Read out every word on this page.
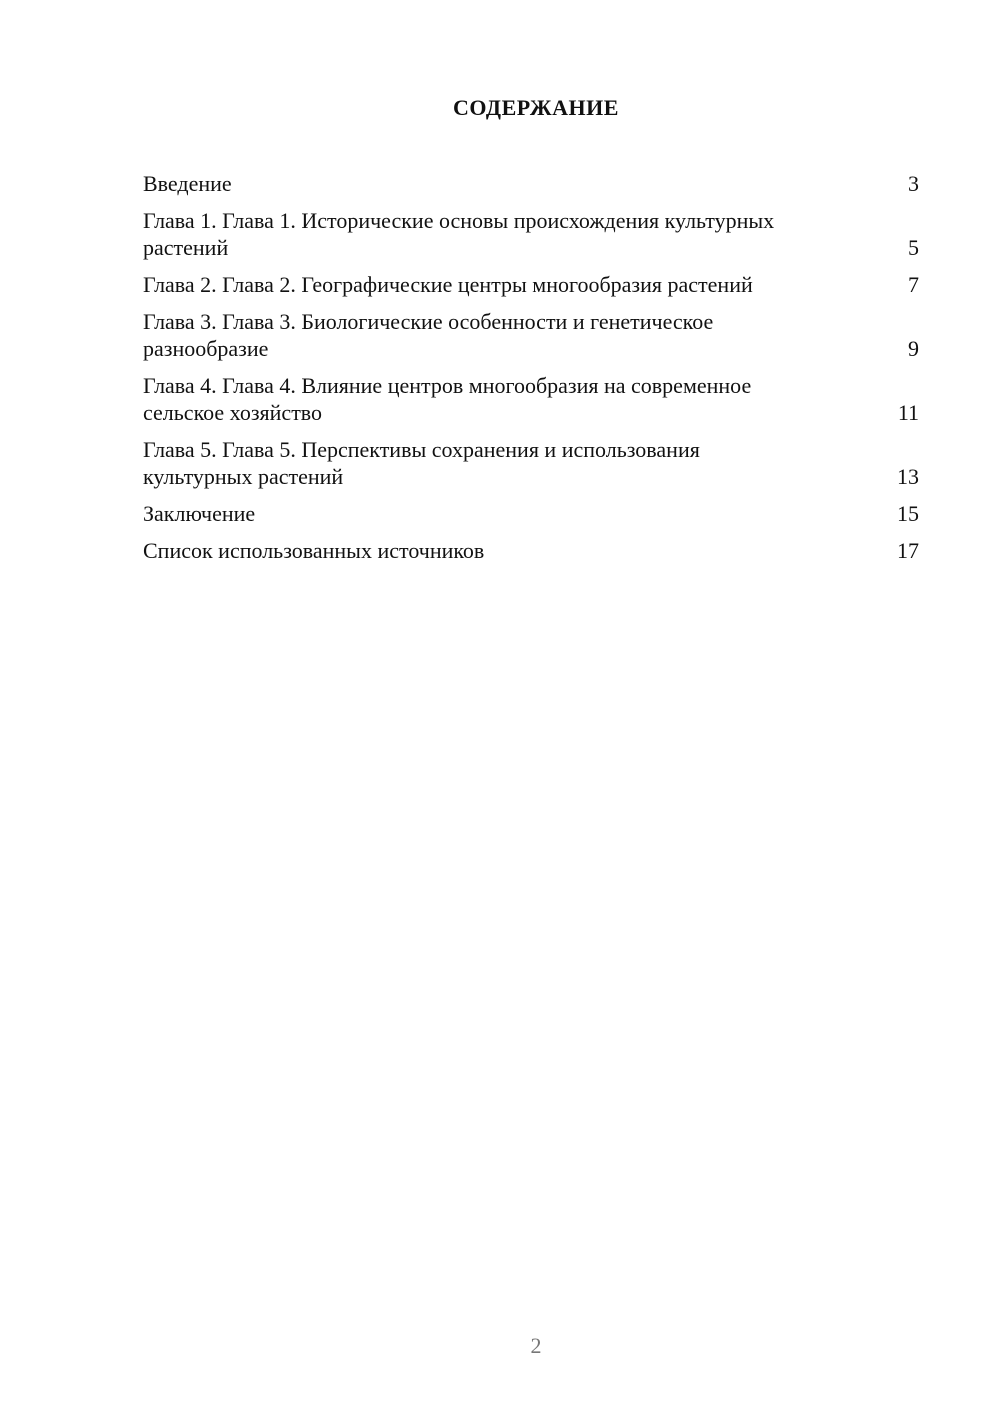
СОДЕРЖАНИЕ
Введение	3
Глава 1. Глава 1. Исторические основы происхождения культурных растений	5
Глава 2. Глава 2. Географические центры многообразия растений	7
Глава 3. Глава 3. Биологические особенности и генетическое разнообразие	9
Глава 4. Глава 4. Влияние центров многообразия на современное сельское хозяйство	11
Глава 5. Глава 5. Перспективы сохранения и использования культурных растений	13
Заключение	15
Список использованных источников	17
2
